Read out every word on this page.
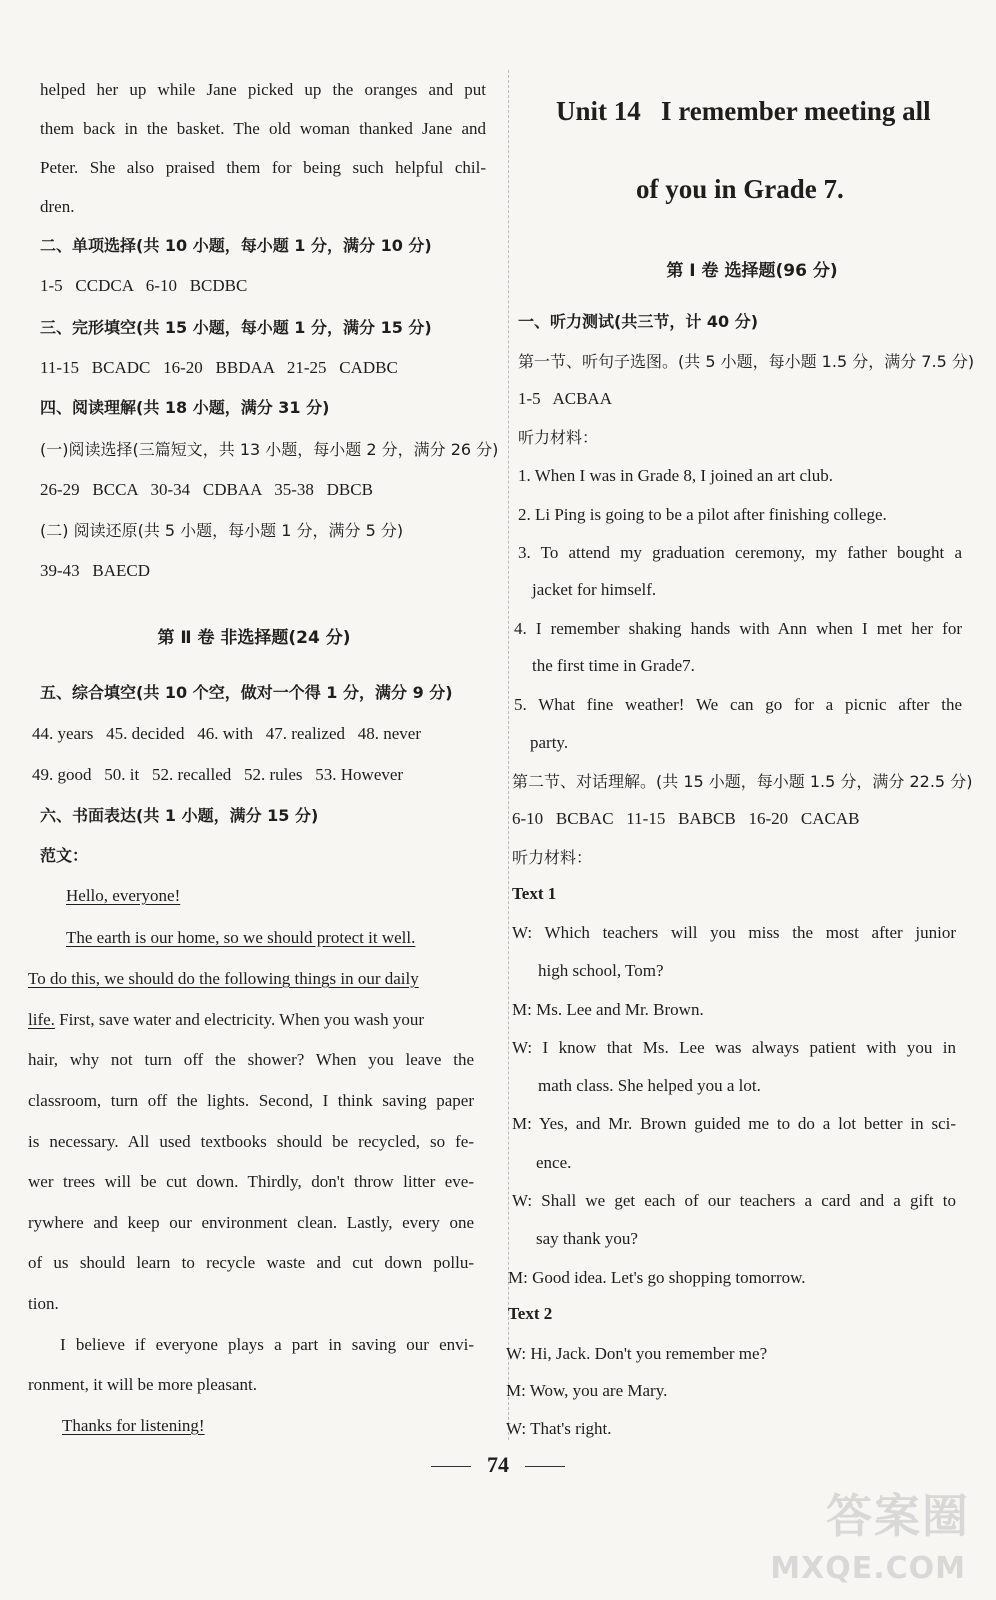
helped her up while Jane picked up the oranges and put
them back in the basket. The old woman thanked Jane and
Peter. She also praised them for being such helpful chil-
dren.
二、单项选择(共 10 小题，每小题 1 分，满分 10 分)
1-5   CCDCA   6-10   BCDBC
三、完形填空(共 15 小题，每小题 1 分，满分 15 分)
11-15   BCADC   16-20   BBDAA   21-25   CADBC
四、阅读理解(共 18 小题，满分 31 分)
(一)阅读选择(三篇短文，共 13 小题，每小题 2 分，满分 26 分)
26-29   BCCA   30-34   CDBAA   35-38   DBCB
(二) 阅读还原(共 5 小题，每小题 1 分，满分 5 分)
39-43   BAECD
第 Ⅱ 卷 非选择题(24 分)
五、综合填空(共 10 个空，做对一个得 1 分，满分 9 分)
44. years   45. decided   46. with   47. realized   48. never
49. good   50. it   52. recalled   52. rules   53. However
六、书面表达(共 1 小题，满分 15 分)
范文：
Hello, everyone!
The earth is our home, so we should protect it well.
To do this, we should do the following things in our daily
life. First, save water and electricity. When you wash your
hair, why not turn off the shower? When you leave the
classroom, turn off the lights. Second, I think saving paper
is necessary. All used textbooks should be recycled, so fe-
wer trees will be cut down. Thirdly, don't throw litter eve-
rywhere and keep our environment clean. Lastly, every one
of us should learn to recycle waste and cut down pollu-
tion.
I believe if everyone plays a part in saving our envi-
ronment, it will be more pleasant.
Thanks for listening!
Unit 14   I remember meeting all
of you in Grade 7.
第 Ⅰ 卷 选择题(96 分)
一、听力测试(共三节，计 40 分)
第一节、听句子选图。(共 5 小题，每小题 1.5 分，满分 7.5 分)
1-5   ACBAA
听力材料：
1. When I was in Grade 8, I joined an art club.
2. Li Ping is going to be a pilot after finishing college.
3. To attend my graduation ceremony, my father bought a
jacket for himself.
4. I remember shaking hands with Ann when I met her for
the first time in Grade7.
5. What fine weather! We can go for a picnic after the
party.
第二节、对话理解。(共 15 小题，每小题 1.5 分，满分 22.5 分)
6-10   BCBAC   11-15   BABCB   16-20   CACAB
听力材料：
Text 1
W: Which teachers will you miss the most after junior
high school, Tom?
M: Ms. Lee and Mr. Brown.
W: I know that Ms. Lee was always patient with you in
math class. She helped you a lot.
M: Yes, and Mr. Brown guided me to do a lot better in sci-
ence.
W: Shall we get each of our teachers a card and a gift to
say thank you?
M: Good idea. Let's go shopping tomorrow.
Text 2
W: Hi, Jack. Don't you remember me?
M: Wow, you are Mary.
W: That's right.
74
答案圈
MXQE.COM
